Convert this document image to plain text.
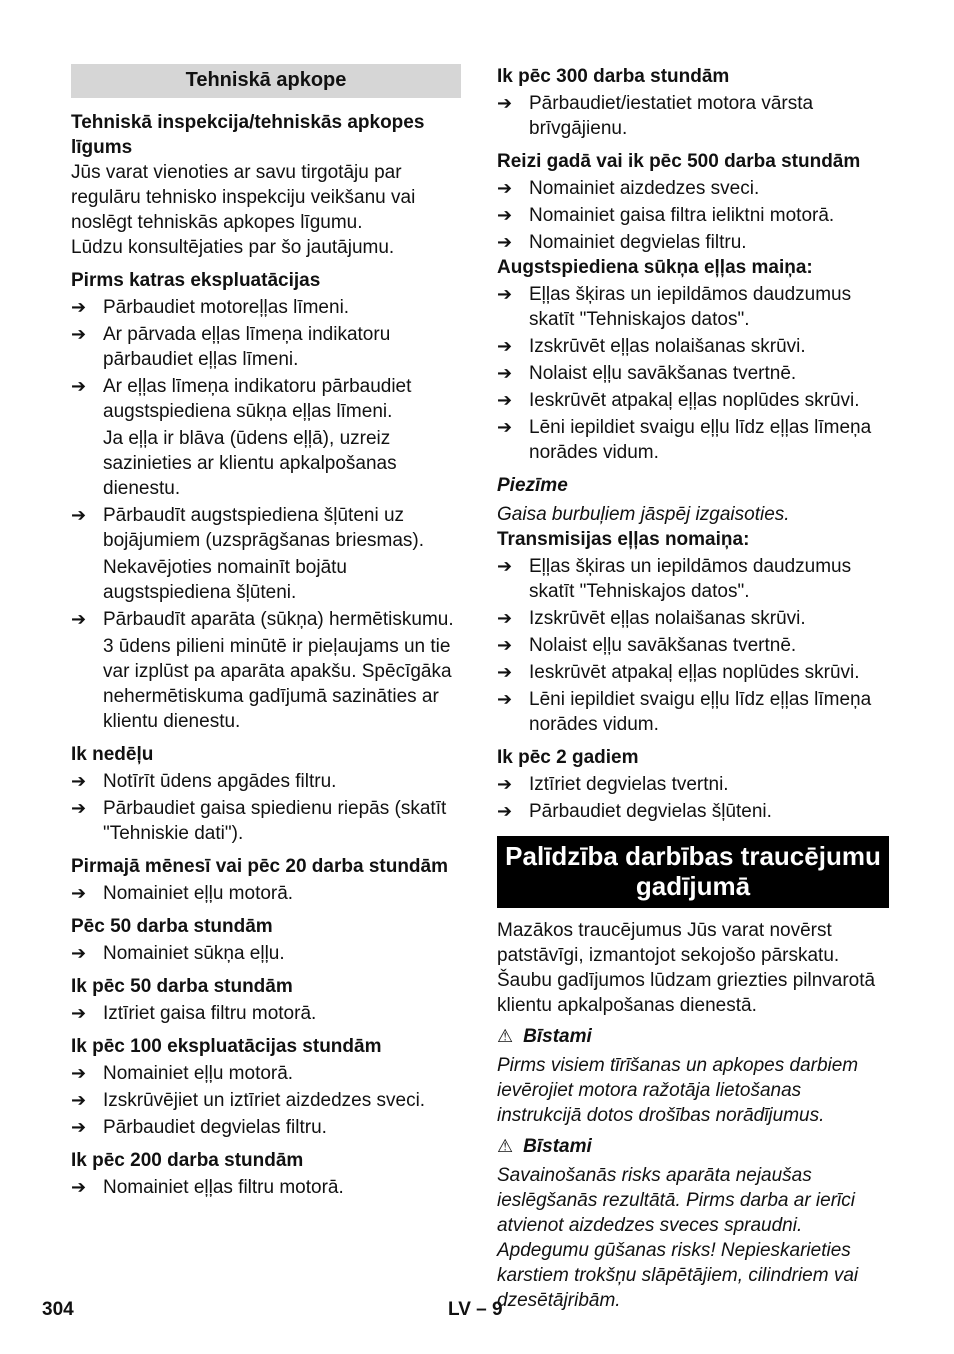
Tehniskā apkope

Tehniskā inspekcija/tehniskās apkopes līgums

Jūs varat vienoties ar savu tirgotāju par regulāru tehnisko inspekciju veikšanu vai noslēgt tehniskās apkopes līgumu.

Lūdzu konsultējaties par šo jautājumu.

Pirms katras ekspluatācijas

➔ Pārbaudiet motoreļļas līmeni.
➔ Ar pārvada eļļas līmeņa indikatoru pārbaudiet eļļas līmeni.
➔ Ar eļļas līmeņa indikatoru pārbaudiet augstspiediena sūkņa eļļas līmeni.
Ja eļļa ir blāva (ūdens eļļā), uzreiz sazinieties ar klientu apkalpošanas dienestu.
➔ Pārbaudīt augstspiediena šļūteni uz bojājumiem (uzsprāgšanas briesmas).
Nekavējoties nomainīt bojātu augstspiediena šļūteni.
➔ Pārbaudīt aparāta (sūkņa) hermētiskumu.
3 ūdens pilieni minūtē ir pieļaujams un tie var izplūst pa aparāta apakšu. Spēcīgāka nehermētiskuma gadījumā sazināties ar klientu dienestu.

Ik nedēļu

➔ Notīrīt ūdens apgādes filtru.
➔ Pārbaudiet gaisa spiedienu riepās (skatīt "Tehniskie dati").

Pirmajā mēnesī vai pēc 20 darba stundām

➔ Nomainiet eļļu motorā.

Pēc 50 darba stundām

➔ Nomainiet sūkņa eļļu.

Ik pēc 50 darba stundām

➔ Iztīriet gaisa filtru motorā.

Ik pēc 100 ekspluatācijas stundām

➔ Nomainiet eļļu motorā.
➔ Izskrūvējiet un iztīriet aizdedzes sveci.
➔ Pārbaudiet degvielas filtru.

Ik pēc 200 darba stundām

➔ Nomainiet eļļas filtru motorā.

Ik pēc 300 darba stundām

➔ Pārbaudiet/iestatiet motora vārsta brīvgājienu.

Reizi gadā vai ik pēc 500 darba stundām

➔ Nomainiet aizdedzes sveci.
➔ Nomainiet gaisa filtra ieliktni motorā.
➔ Nomainiet degvielas filtru.

Augstspiediena sūkņa eļļas maiņa:

➔ Eļļas šķiras un iepildāmos daudzumus skatīt "Tehniskajos datos".
➔ Izskrūvēt eļļas nolaišanas skrūvi.
➔ Nolaist eļļu savākšanas tvertnē.
➔ Ieskrūvēt atpakaļ eļļas noplūdes skrūvi.
➔ Lēni iepildiet svaigu eļļu līdz eļļas līmeņa norādes vidum.

Piezīme

Gaisa burbuļiem jāspēj izgaisoties.

Transmisijas eļļas nomaiņa:

➔ Eļļas šķiras un iepildāmos daudzumus skatīt "Tehniskajos datos".
➔ Izskrūvēt eļļas nolaišanas skrūvi.
➔ Nolaist eļļu savākšanas tvertnē.
➔ Ieskrūvēt atpakaļ eļļas noplūdes skrūvi.
➔ Lēni iepildiet svaigu eļļu līdz eļļas līmeņa norādes vidum.

Ik pēc 2 gadiem

➔ Iztīriet degvielas tvertni.
➔ Pārbaudiet degvielas šļūteni.
Palīdzība darbības traucējumu gadījumā

Mazākos traucējumus Jūs varat novērst patstāvīgi, izmantojot sekojošo pārskatu. Šaubu gadījumos lūdzam griezties pilnvarotā klientu apkalpošanas dienestā.

⚠ Bīstami

Pirms visiem tīrīšanas un apkopes darbiem ievērojiet motora ražotāja lietošanas instrukcijā dotos drošības norādījumus.

⚠ Bīstami

Savainošanās risks aparāta nejaušas ieslēgšanās rezultātā. Pirms darba ar ierīci atvienot aizdedzes sveces spraudni. Apdegumu gūšanas risks! Nepieskarieties karstiem trokšņu slāpētājiem, cilindriem vai dzesētājribām.

304	LV – 9
